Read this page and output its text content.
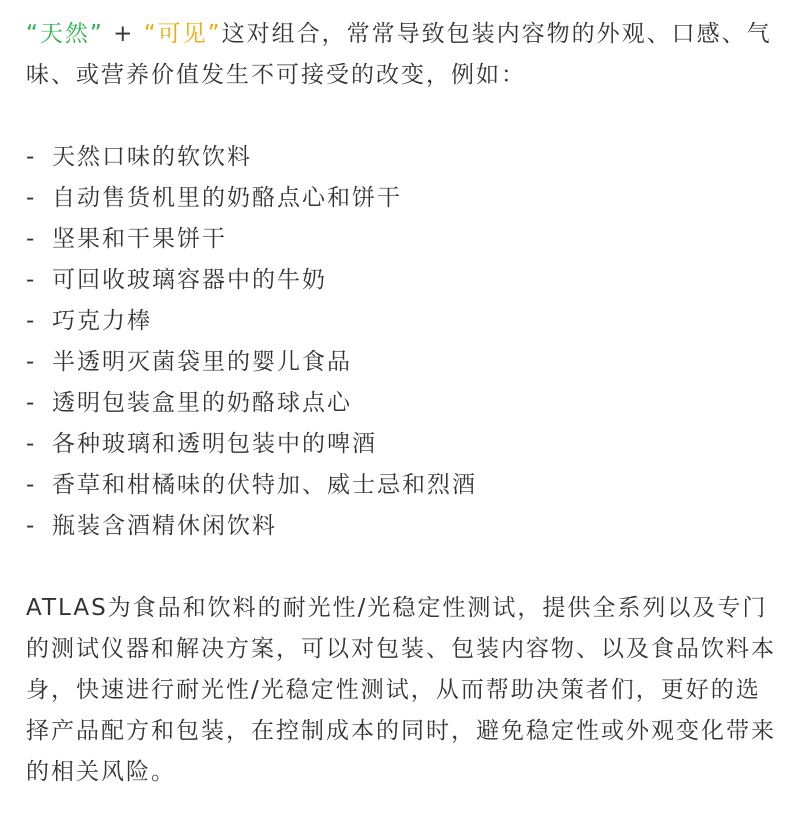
“天然” + “可见”这对组合，常常导致包装内容物的外观、口感、气味、或营养价值发生不可接受的改变，例如：

- 天然口味的软饮料
- 自动售货机里的奶酪点心和饼干
- 坚果和干果饼干
- 可回收玻璃容器中的牛奶
- 巧克力棒
- 半透明灭菌袋里的婴儿食品
- 透明包装盒里的奶酪球点心
- 各种玻璃和透明包装中的啤酒
- 香草和柑橘味的伏特加、威士忌和烈酒
- 瓶装含酒精休闲饮料

ATLAS为食品和饮料的耐光性/光稳定性测试，提供全系列以及专门的测试仪器和解决方案，可以对包装、包装内容物、以及食品饮料本身，快速进行耐光性/光稳定性测试，从而帮助决策者们，更好的选择产品配方和包装，在控制成本的同时，避免稳定性或外观变化带来的相关风险。
